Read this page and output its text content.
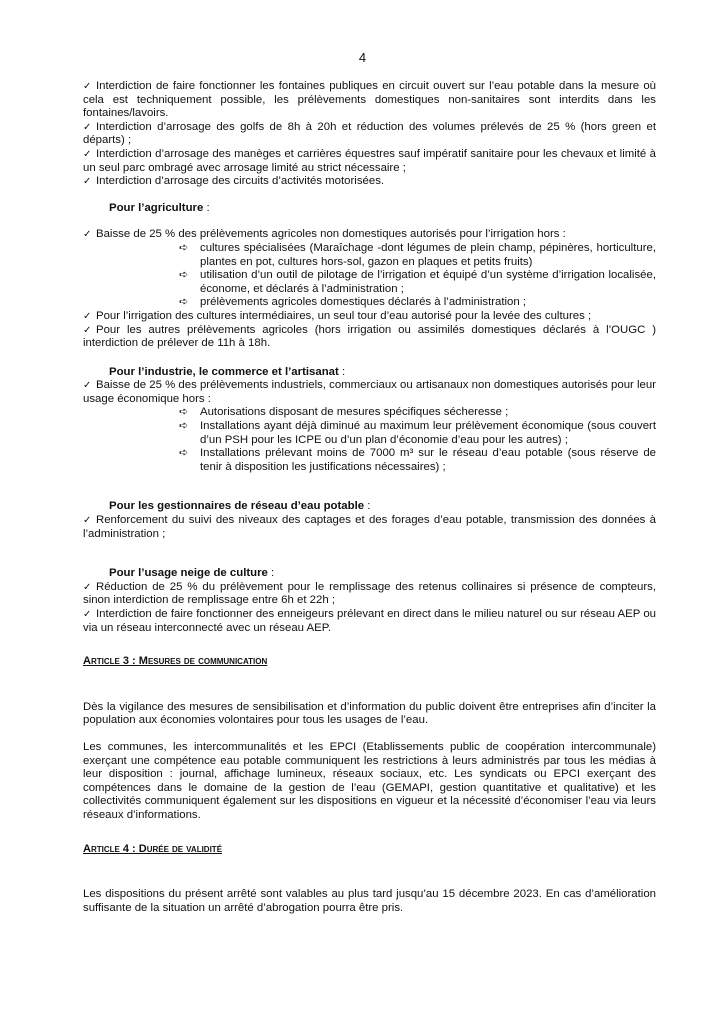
4

✓ Interdiction de faire fonctionner les fontaines publiques en circuit ouvert sur l’eau potable dans la mesure où cela est techniquement possible, les prélèvements domestiques non-sanitaires sont interdits dans les fontaines/lavoirs.

✓ Interdiction d’arrosage des golfs de 8h à 20h et réduction des volumes prélevés de 25 % (hors green et départs) ;

✓ Interdiction d’arrosage des manèges et carrières équestres sauf impératif sanitaire pour les chevaux et limité à un seul parc ombragé avec arrosage limité au strict nécessaire ;

✓ Interdiction d’arrosage des circuits d’activités motorisées.

Pour l’agriculture :

✓ Baisse de 25 % des prélèvements agricoles non domestiques autorisés pour l’irrigation hors :

➪ cultures spécialisées (Maraîchage -dont légumes de plein champ, pépinères, horticulture, plantes en pot, cultures hors-sol, gazon en plaques et petits fruits)

➪ utilisation d’un outil de pilotage de l’irrigation et équipé d’un système d’irrigation localisée, économe, et déclarés à l’administration ;

➪ prélèvements agricoles domestiques déclarés à l’administration ;

✓ Pour l’irrigation des cultures intermédiaires, un seul tour d’eau autorisé pour la levée des cultures ;

✓ Pour les autres prélèvements agricoles (hors irrigation ou assimilés domestiques déclarés à l’OUGC ) interdiction de prélever de 11h à 18h.

Pour l’industrie, le commerce et l’artisanat :

✓ Baisse de 25 % des prélèvements industriels, commerciaux ou artisanaux non domestiques autorisés pour leur usage économique hors :

➪ Autorisations disposant de mesures spécifiques sécheresse ;

➪ Installations ayant déjà diminué au maximum leur prélèvement économique (sous couvert d’un PSH pour les ICPE ou d’un plan d’économie d’eau pour les autres) ;

➪ Installations prélevant moins de 7000 m³ sur le réseau d’eau potable (sous réserve de tenir à disposition les justifications nécessaires) ;

Pour les gestionnaires de réseau d’eau potable :

✓ Renforcement du suivi des niveaux des captages et des forages d’eau potable, transmission des données à l’administration ;

Pour l’usage neige de culture :

✓ Réduction de 25 % du prélèvement pour le remplissage des retenus collinaires si présence de compteurs, sinon interdiction de remplissage entre 6h et 22h ;

✓ Interdiction de faire fonctionner des enneigeurs prélevant en direct dans le milieu naturel ou sur réseau AEP ou via un réseau interconnecté avec un réseau AEP.

Article 3 : Mesures de communication

Dès la vigilance des mesures de sensibilisation et d’information du public doivent être entreprises afin d’inciter la population aux économies volontaires pour tous les usages de l’eau.

Les communes, les intercommunalités et les EPCI (Etablissements public de coopération intercommunale) exerçant une compétence eau potable communiquent les restrictions à leurs administrés par tous les médias à leur disposition : journal, affichage lumineux, réseaux sociaux, etc. Les syndicats ou EPCI exerçant des compétences dans le domaine de la gestion de l’eau (GEMAPI, gestion quantitative et qualitative) et les collectivités communiquent également sur les dispositions en vigueur et la nécessité d’économiser l’eau via leurs réseaux d’informations.

Article 4 : Durée de validité

Les dispositions du présent arrêté sont valables au plus tard jusqu’au 15 décembre 2023. En cas d’amélioration suffisante de la situation un arrêté d’abrogation pourra être pris.
